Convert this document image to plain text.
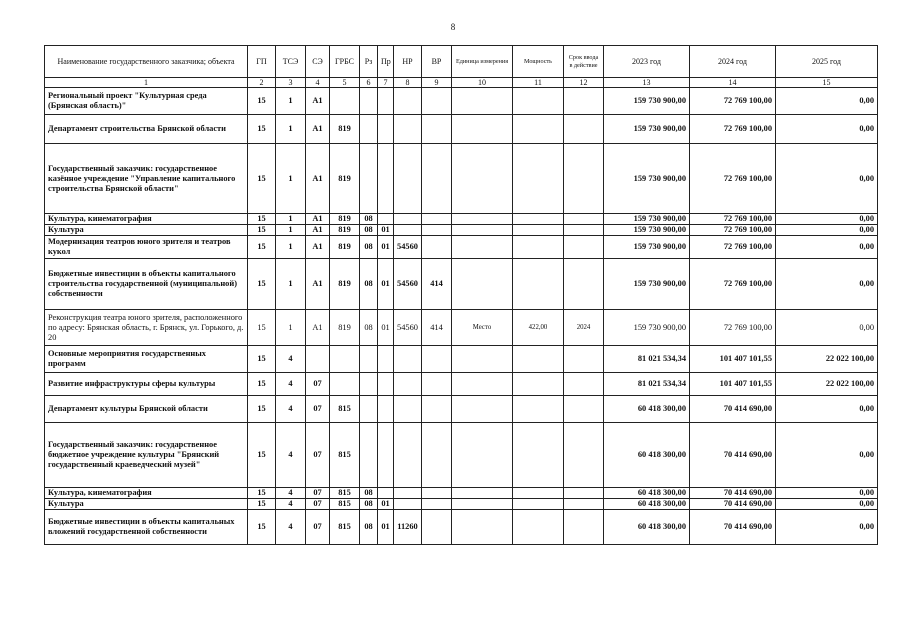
8
Наименование государственного заказчика; объекта	ГП	ТСЭ	СЭ	ГРБС	Рз	Пр	НР	ВР	Единица измерения	Мощность	Срок ввода в действие	2023 год	2024 год	2025 год
1	2	3	4	5	6	7	8	9	10	11	12	13	14	15
Региональный проект "Культурная среда (Брянская область)"	15	1	А1									159 730 900,00	72 769 100,00	0,00
Департамент строительства Брянской области	15	1	А1	819								159 730 900,00	72 769 100,00	0,00
Государственный заказчик: государственное казённое учреждение "Управление капитального строительства Брянской области"	15	1	А1	819								159 730 900,00	72 769 100,00	0,00
Культура, кинематография	15	1	А1	819	08							159 730 900,00	72 769 100,00	0,00
Культура	15	1	А1	819	08	01						159 730 900,00	72 769 100,00	0,00
Модернизация театров юного зрителя и театров кукол	15	1	А1	819	08	01	54560					159 730 900,00	72 769 100,00	0,00
Бюджетные инвестиции в объекты капитального строительства государственной (муниципальной) собственности	15	1	А1	819	08	01	54560	414				159 730 900,00	72 769 100,00	0,00
Реконструкция театра юного зрителя, расположенного по адресу: Брянская область, г. Брянск, ул. Горького, д. 20	15	1	А1	819	08	01	54560	414	Место	422,00	2024	159 730 900,00	72 769 100,00	0,00
Основные мероприятия государственных программ	15	4										81 021 534,34	101 407 101,55	22 022 100,00
Развитие инфраструктуры сферы культуры	15	4	07									81 021 534,34	101 407 101,55	22 022 100,00
Департамент культуры Брянской области	15	4	07	815								60 418 300,00	70 414 690,00	0,00
Государственный заказчик: государственное бюджетное учреждение культуры "Брянский государственный краеведческий музей"	15	4	07	815								60 418 300,00	70 414 690,00	0,00
Культура, кинематография	15	4	07	815	08							60 418 300,00	70 414 690,00	0,00
Культура	15	4	07	815	08	01						60 418 300,00	70 414 690,00	0,00
Бюджетные инвестиции в объекты капитальных вложений государственной собственности	15	4	07	815	08	01	11260					60 418 300,00	70 414 690,00	0,00
